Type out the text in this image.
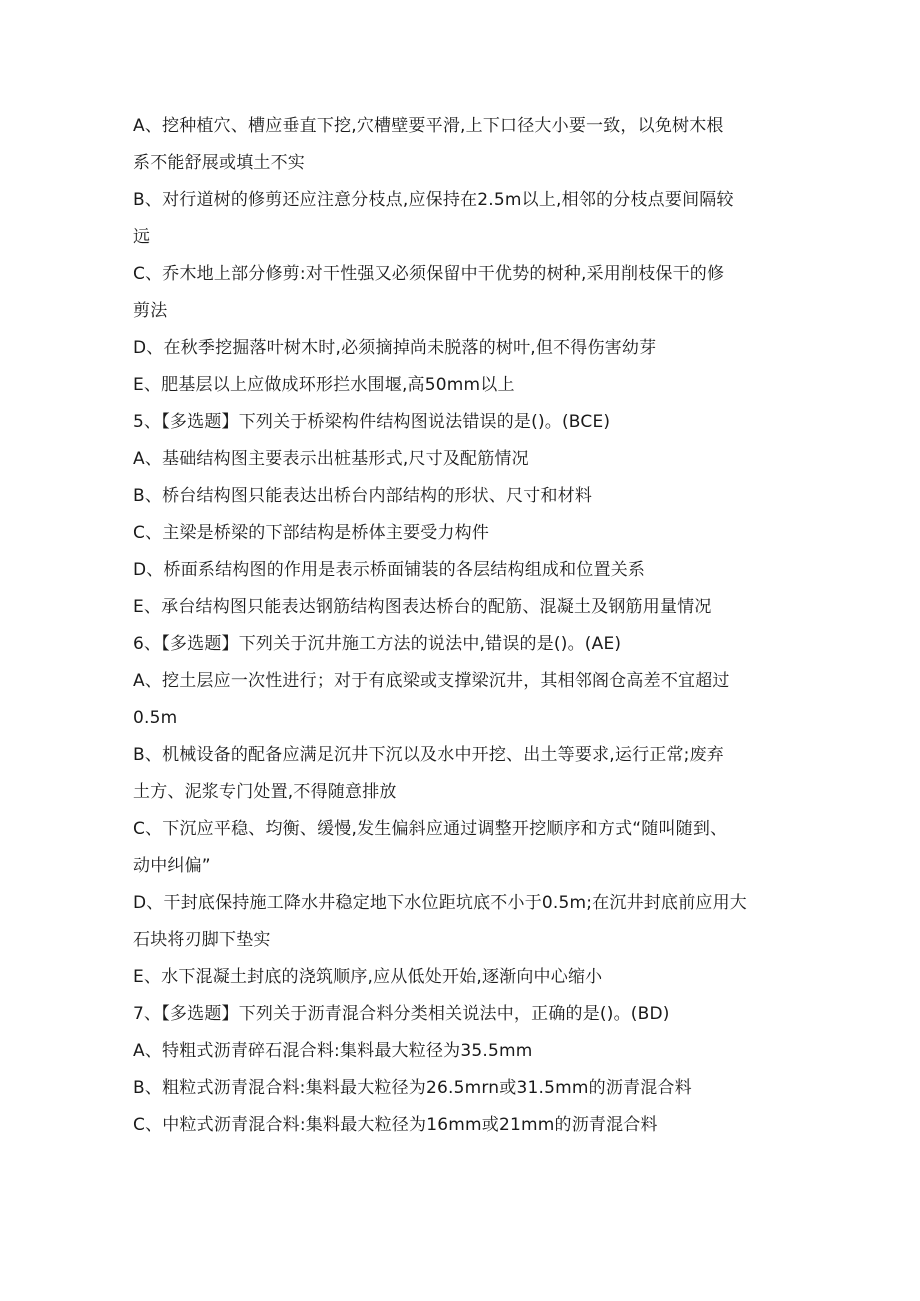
A、挖种植穴、槽应垂直下挖,穴槽壁要平滑,上下口径大小要一致，以免树木根
系不能舒展或填土不实
B、对行道树的修剪还应注意分枝点,应保持在2.5m以上,相邻的分枝点要间隔较
远
C、乔木地上部分修剪:对干性强又必须保留中干优势的树种,采用削枝保干的修
剪法
D、在秋季挖掘落叶树木时,必须摘掉尚未脱落的树叶,但不得伤害幼芽
E、肥基层以上应做成环形拦水围堰,高50mm以上
5、【多选题】下列关于桥梁构件结构图说法错误的是()。(BCE)
A、基础结构图主要表示出桩基形式,尺寸及配筋情况
B、桥台结构图只能表达出桥台内部结构的形状、尺寸和材料
C、主梁是桥梁的下部结构是桥体主要受力构件
D、桥面系结构图的作用是表示桥面铺装的各层结构组成和位置关系
E、承台结构图只能表达钢筋结构图表达桥台的配筋、混凝土及钢筋用量情况
6、【多选题】下列关于沉井施工方法的说法中,错误的是()。(AE)
A、挖土层应一次性进行；对于有底梁或支撑梁沉井，其相邻阁仓高差不宜超过
0.5m
B、机械设备的配备应满足沉井下沉以及水中开挖、出土等要求,运行正常;废弃
土方、泥浆专门处置,不得随意排放
C、下沉应平稳、均衡、缓慢,发生偏斜应通过调整开挖顺序和方式“随叫随到、
动中纠偏”
D、干封底保持施工降水井稳定地下水位距坑底不小于0.5m;在沉井封底前应用大
石块将刃脚下垫实
E、水下混凝土封底的浇筑顺序,应从低处开始,逐渐向中心缩小
7、【多选题】下列关于沥青混合料分类相关说法中，正确的是()。(BD)
A、特粗式沥青碎石混合料:集料最大粒径为35.5mm
B、粗粒式沥青混合料:集料最大粒径为26.5mrn或31.5mm的沥青混合料
C、中粒式沥青混合料:集料最大粒径为16mm或21mm的沥青混合料
